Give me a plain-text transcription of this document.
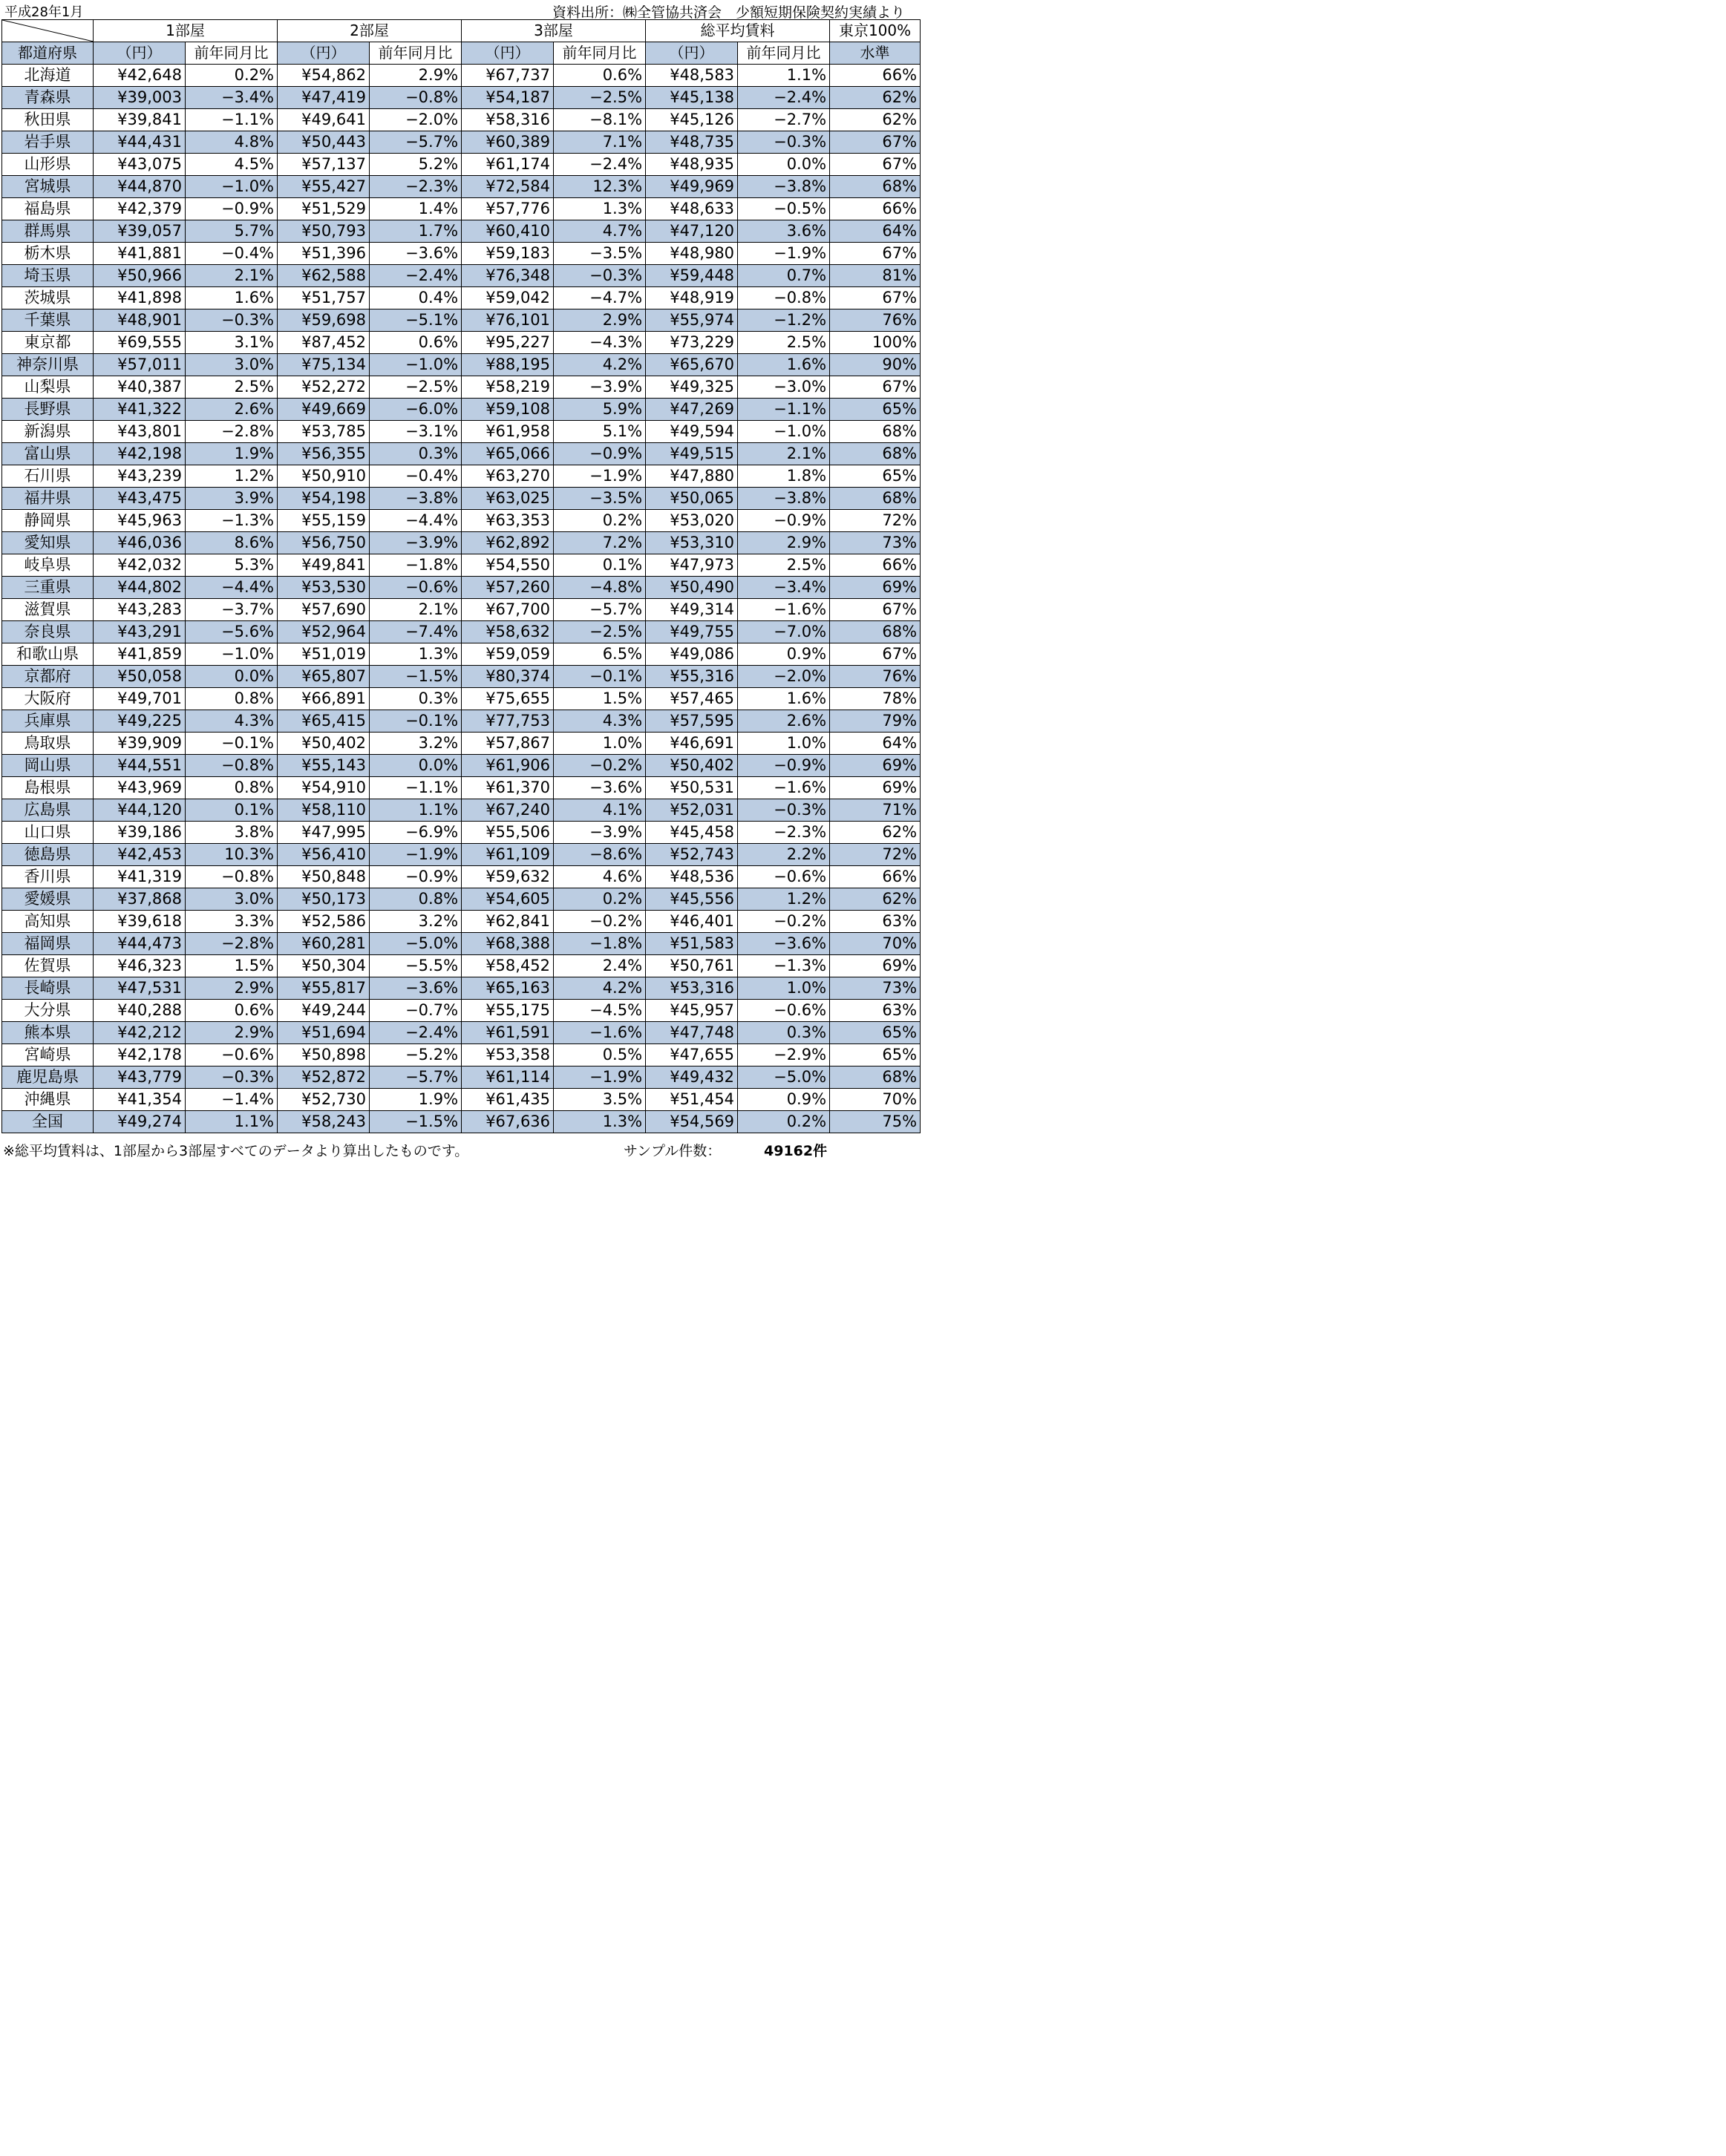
平成28年1月	資料出所：㈱全管協共済会　少額短期保険契約実績より
	1部屋		2部屋		3部屋		総平均賃料		東京100%
都道府県	（円）	前年同月比	（円）	前年同月比	（円）	前年同月比	（円）	前年同月比	水準
北海道	¥42,648	0.2%	¥54,862	2.9%	¥67,737	0.6%	¥48,583	1.1%	66%
青森県	¥39,003	−3.4%	¥47,419	−0.8%	¥54,187	−2.5%	¥45,138	−2.4%	62%
秋田県	¥39,841	−1.1%	¥49,641	−2.0%	¥58,316	−8.1%	¥45,126	−2.7%	62%
岩手県	¥44,431	4.8%	¥50,443	−5.7%	¥60,389	7.1%	¥48,735	−0.3%	67%
山形県	¥43,075	4.5%	¥57,137	5.2%	¥61,174	−2.4%	¥48,935	0.0%	67%
宮城県	¥44,870	−1.0%	¥55,427	−2.3%	¥72,584	12.3%	¥49,969	−3.8%	68%
福島県	¥42,379	−0.9%	¥51,529	1.4%	¥57,776	1.3%	¥48,633	−0.5%	66%
群馬県	¥39,057	5.7%	¥50,793	1.7%	¥60,410	4.7%	¥47,120	3.6%	64%
栃木県	¥41,881	−0.4%	¥51,396	−3.6%	¥59,183	−3.5%	¥48,980	−1.9%	67%
埼玉県	¥50,966	2.1%	¥62,588	−2.4%	¥76,348	−0.3%	¥59,448	0.7%	81%
茨城県	¥41,898	1.6%	¥51,757	0.4%	¥59,042	−4.7%	¥48,919	−0.8%	67%
千葉県	¥48,901	−0.3%	¥59,698	−5.1%	¥76,101	2.9%	¥55,974	−1.2%	76%
東京都	¥69,555	3.1%	¥87,452	0.6%	¥95,227	−4.3%	¥73,229	2.5%	100%
神奈川県	¥57,011	3.0%	¥75,134	−1.0%	¥88,195	4.2%	¥65,670	1.6%	90%
山梨県	¥40,387	2.5%	¥52,272	−2.5%	¥58,219	−3.9%	¥49,325	−3.0%	67%
長野県	¥41,322	2.6%	¥49,669	−6.0%	¥59,108	5.9%	¥47,269	−1.1%	65%
新潟県	¥43,801	−2.8%	¥53,785	−3.1%	¥61,958	5.1%	¥49,594	−1.0%	68%
富山県	¥42,198	1.9%	¥56,355	0.3%	¥65,066	−0.9%	¥49,515	2.1%	68%
石川県	¥43,239	1.2%	¥50,910	−0.4%	¥63,270	−1.9%	¥47,880	1.8%	65%
福井県	¥43,475	3.9%	¥54,198	−3.8%	¥63,025	−3.5%	¥50,065	−3.8%	68%
静岡県	¥45,963	−1.3%	¥55,159	−4.4%	¥63,353	0.2%	¥53,020	−0.9%	72%
愛知県	¥46,036	8.6%	¥56,750	−3.9%	¥62,892	7.2%	¥53,310	2.9%	73%
岐阜県	¥42,032	5.3%	¥49,841	−1.8%	¥54,550	0.1%	¥47,973	2.5%	66%
三重県	¥44,802	−4.4%	¥53,530	−0.6%	¥57,260	−4.8%	¥50,490	−3.4%	69%
滋賀県	¥43,283	−3.7%	¥57,690	2.1%	¥67,700	−5.7%	¥49,314	−1.6%	67%
奈良県	¥43,291	−5.6%	¥52,964	−7.4%	¥58,632	−2.5%	¥49,755	−7.0%	68%
和歌山県	¥41,859	−1.0%	¥51,019	1.3%	¥59,059	6.5%	¥49,086	0.9%	67%
京都府	¥50,058	0.0%	¥65,807	−1.5%	¥80,374	−0.1%	¥55,316	−2.0%	76%
大阪府	¥49,701	0.8%	¥66,891	0.3%	¥75,655	1.5%	¥57,465	1.6%	78%
兵庫県	¥49,225	4.3%	¥65,415	−0.1%	¥77,753	4.3%	¥57,595	2.6%	79%
鳥取県	¥39,909	−0.1%	¥50,402	3.2%	¥57,867	1.0%	¥46,691	1.0%	64%
岡山県	¥44,551	−0.8%	¥55,143	0.0%	¥61,906	−0.2%	¥50,402	−0.9%	69%
島根県	¥43,969	0.8%	¥54,910	−1.1%	¥61,370	−3.6%	¥50,531	−1.6%	69%
広島県	¥44,120	0.1%	¥58,110	1.1%	¥67,240	4.1%	¥52,031	−0.3%	71%
山口県	¥39,186	3.8%	¥47,995	−6.9%	¥55,506	−3.9%	¥45,458	−2.3%	62%
徳島県	¥42,453	10.3%	¥56,410	−1.9%	¥61,109	−8.6%	¥52,743	2.2%	72%
香川県	¥41,319	−0.8%	¥50,848	−0.9%	¥59,632	4.6%	¥48,536	−0.6%	66%
愛媛県	¥37,868	3.0%	¥50,173	0.8%	¥54,605	0.2%	¥45,556	1.2%	62%
高知県	¥39,618	3.3%	¥52,586	3.2%	¥62,841	−0.2%	¥46,401	−0.2%	63%
福岡県	¥44,473	−2.8%	¥60,281	−5.0%	¥68,388	−1.8%	¥51,583	−3.6%	70%
佐賀県	¥46,323	1.5%	¥50,304	−5.5%	¥58,452	2.4%	¥50,761	−1.3%	69%
長崎県	¥47,531	2.9%	¥55,817	−3.6%	¥65,163	4.2%	¥53,316	1.0%	73%
大分県	¥40,288	0.6%	¥49,244	−0.7%	¥55,175	−4.5%	¥45,957	−0.6%	63%
熊本県	¥42,212	2.9%	¥51,694	−2.4%	¥61,591	−1.6%	¥47,748	0.3%	65%
宮崎県	¥42,178	−0.6%	¥50,898	−5.2%	¥53,358	0.5%	¥47,655	−2.9%	65%
鹿児島県	¥43,779	−0.3%	¥52,872	−5.7%	¥61,114	−1.9%	¥49,432	−5.0%	68%
沖縄県	¥41,354	−1.4%	¥52,730	1.9%	¥61,435	3.5%	¥51,454	0.9%	70%
全国	¥49,274	1.1%	¥58,243	−1.5%	¥67,636	1.3%	¥54,569	0.2%	75%
※総平均賃料は、1部屋から3部屋すべてのデータより算出したものです。	サンプル件数：	49162件
